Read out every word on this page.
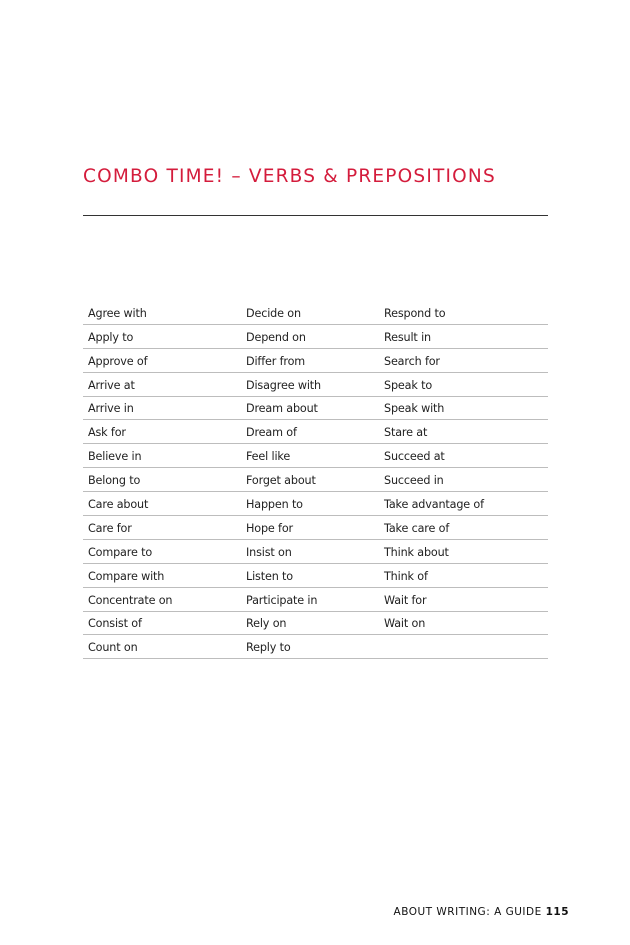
COMBO TIME! – VERBS & PREPOSITIONS
Agree with	Decide on	Respond to
Apply to	Depend on	Result in
Approve of	Differ from	Search for
Arrive at	Disagree with	Speak to
Arrive in	Dream about	Speak with
Ask for	Dream of	Stare at
Believe in	Feel like	Succeed at
Belong to	Forget about	Succeed in
Care about	Happen to	Take advantage of
Care for	Hope for	Take care of
Compare to	Insist on	Think about
Compare with	Listen to	Think of
Concentrate on	Participate in	Wait for
Consist of	Rely on	Wait on
Count on	Reply to
ABOUT WRITING: A GUIDE 115
